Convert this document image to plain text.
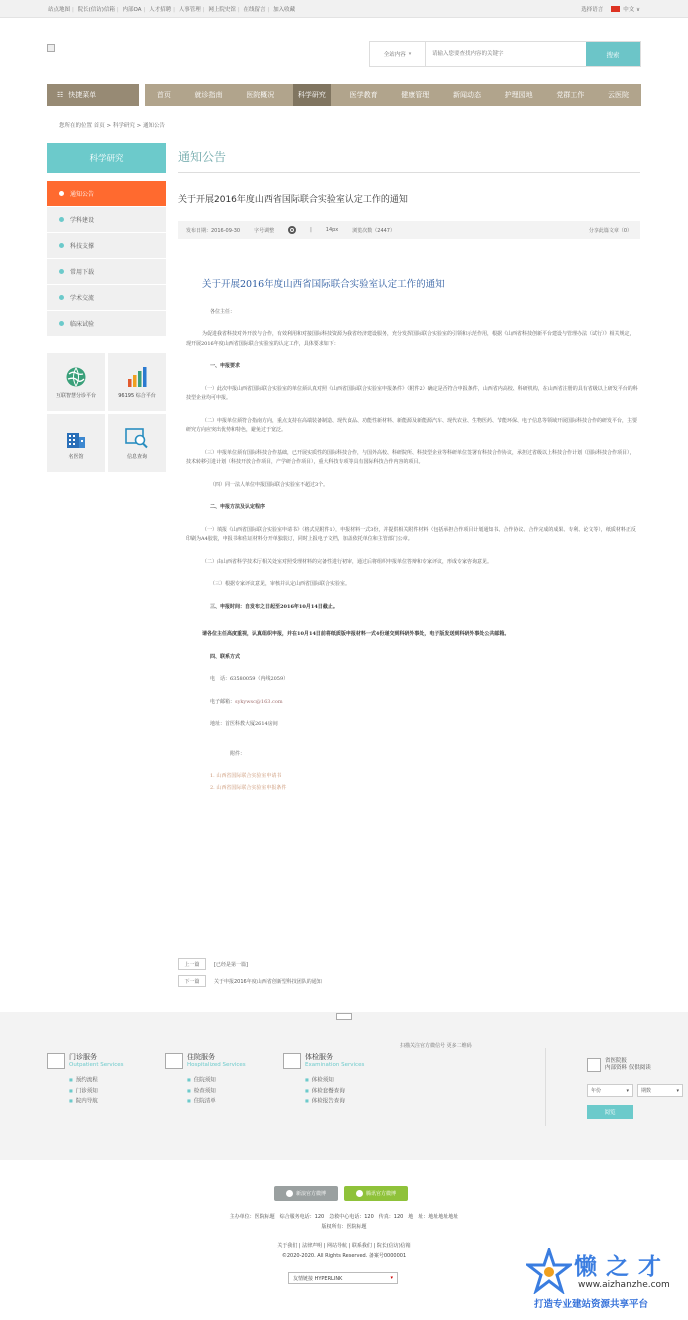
站点地图 | 院长(信访)信箱 | 内部OA | 人才招聘 | 人事管理 | 网上院史馆 | 在线留言 | 加入收藏	选择语言	中文 ∨
全站内容 ▾
请输入您要查找内容的关键字	搜索
☷ 快捷菜单	首页	就诊指南	医院概况	科学研究	医学教育	健康管理	新闻动态	护理园地	党群工作	云医院
您所在的位置 首页 > 科学研究 > 通知公告
科学研究
通知公告
学科建设
科技支撑
常用下载
学术交流
临床试验
互联智慧分诊平台	96195 综合平台
名医馆	信息查询
通知公告
关于开展2016年度山西省国际联合实验室认定工作的通知
发布日期：2016-09-30	字号调整	|	14px	浏览次数（2447）	分享此篇文章（0）
关于开展2016年度山西省国际联合实验室认定工作的通知

各位主任：

为促进我省科技对外开放与合作，有效利用和对接国际科技资源为我省经济建设服务，充分发挥国际联合实验室的引领和示范作用，根据《山西省科技创新平台建设与管理办法（试行）》相关规定，现开展2016年度山西省国际联合实验室的认定工作，具体要求如下：

一、申报要求

（一）此次申报山西省国际联合实验室的单位须认真对照《山西省国际联合实验室申报条件》（附件2）确定是否符合申报条件，山西省内高校、科研机构，在山西省注册的具有省级以上研发平台的科技型企业均可申报。

（二）申报单位须符合指南方向，重点支持在高端装备制造、现代食品、功能性新材料、新能源及新能源汽车、现代农业、生物医药、节能环保、电子信息等领域开展国际科技合作的研发平台，主要研究方向应突出优势和特色，避免过于宽泛。

（三）申报单位须有国际科技合作基础，已开展实质性的国际科技合作，与国外高校、科研院所、科技型企业等科研单位签署有科技合作协议，承担过省级以上科技合作计划（国际科技合作项目），技术转移引进计划（科技开放合作项目，产学研合作项目），重大科技专项等具有国际科技合作内容的项目。

（四）同一法人单位申报国际联合实验室不超过3个。

二、申报方法及认定程序

（一）填报《山西省国际联合实验室申请书》（格式见附件1），申报材料一式3份，并提供相关附件材料（包括承担合作项目计划通知书、合作协议、合作完成的成果、专利、论文等），纸质材料正反印刷为A4胶装，申报书和佐证材料分开单独装订，同时上报电子文档，加盖依托单位和主管部门公章。

（二）由山西省科学技术厅相关处室对照受理材料的完备性进行初审，通过后将组织申报单位答辩和专家评议，形成专家咨询意见。

（三）根据专家评议意见，审核并认定山西省国际联合实验室。

三、申报时间：自发布之日起至2016年10月14日截止。

请各位主任高度重视，认真组织申报，并在10月14日前将纸质版申报材料一式4份递交到科研外事处，电子版发送到科研外事处公共邮箱。

四、联系方式

电　话：63580059（内线2059）

电子邮箱：sykywsc@163.com

地址：首医科教大厦2614房间

附件：

1. 山西省国际联合实验室申请书
2. 山西省国际联合实验室申报条件
上一篇	[已经是第一篇]
下一篇	关于申报2016年度山西省创新型科技团队的通知
扫描关注官方微信号 更多二维码
门诊服务
Outpatient Services
■ 预约流程
■ 门诊须知
■ 院内导航
住院服务
Hospitalized Services
■ 住院须知
■ 检查须知
■ 住院清单
体检服务
Examination Services
■ 体检须知
■ 体检套餐查询
■ 体检报告查询
省医院报
内部资料 仅供阅读
年份	▾ 期数	▾
阅览
新浪官方微博	腾讯官方微博
主办单位：医院标题　综合服务电话：120　急救中心电话：120　传真：120　地　址：地址地址地址
版权所有：医院标题
关于我们 | 法律声明 | 网站导航 | 联系我们 | 院长(信访)信箱
©2020-2020. All Rights Reserved. 备案号0000001
友情链接 HYPERLINK	▾	懒之才
www.aizhanzhe.com
打造专业建站资源共享平台
